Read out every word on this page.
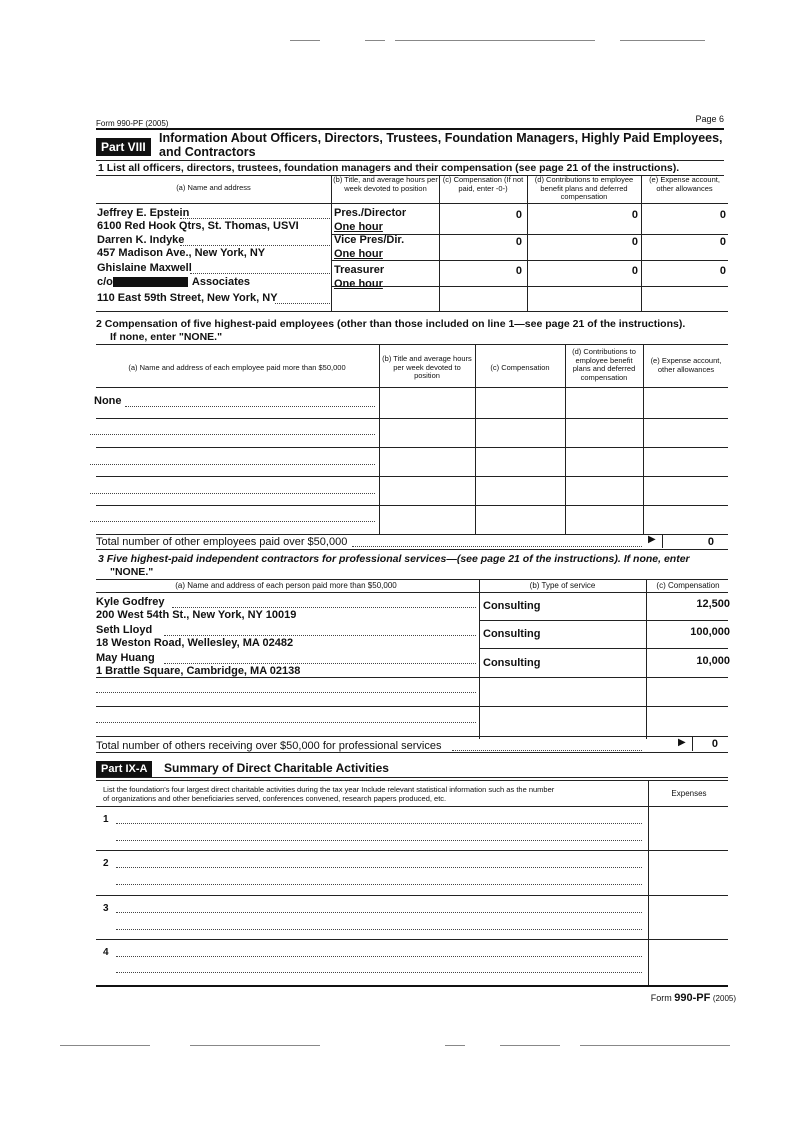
Form 990-PF (2005)	Page 6
Part VIII
Information About Officers, Directors, Trustees, Foundation Managers, Highly Paid Employees,
and Contractors
1 List all officers, directors, trustees, foundation managers and their compensation (see page 21 of the instructions).
(a) Name and address
(b) Title, and average hours per week devoted to position
(c) Compensation (If not paid, enter -0-)
(d) Contributions to employee benefit plans and deferred compensation
(e) Expense account, other allowances
Jeffrey E. Epstein
6100 Red Hook Qtrs, St. Thomas, USVI
Pres./Director
One hour
0	0	0
Darren K. Indyke
457 Madison Ave., New York, NY
Vice Pres/Dir.
One hour
0	0	0
Ghislaine Maxwell
c/o	Associates
110 East 59th Street, New York, NY
Treasurer
One hour
0	0	0
2 Compensation of five highest-paid employees (other than those included on line 1—see page 21 of the instructions).
If none, enter "NONE."
(a) Name and address of each employee paid more than $50,000
(b) Title and average hours per week devoted to position
(c) Compensation
(d) Contributions to employee benefit plans and deferred compensation
(e) Expense account, other allowances
None
Total number of other employees paid over $50,000	▶	0
3 Five highest-paid independent contractors for professional services—(see page 21 of the instructions). If none, enter
"NONE."
(a) Name and address of each person paid more than $50,000	(b) Type of service	(c) Compensation
Kyle Godfrey
200 West 54th St., New York, NY 10019
Consulting	12,500
Seth Lloyd
18 Weston Road, Wellesley, MA 02482
Consulting	100,000
May Huang
1 Brattle Square, Cambridge, MA 02138
Consulting	10,000
Total number of others receiving over $50,000 for professional services	▶	0
Part IX-A	Summary of Direct Charitable Activities
List the foundation's four largest direct charitable activities during the tax year Include relevant statistical information such as the number
of organizations and other beneficiaries served, conferences convened, research papers produced, etc.
Expenses
1
2
3
4
Form 990-PF (2005)
